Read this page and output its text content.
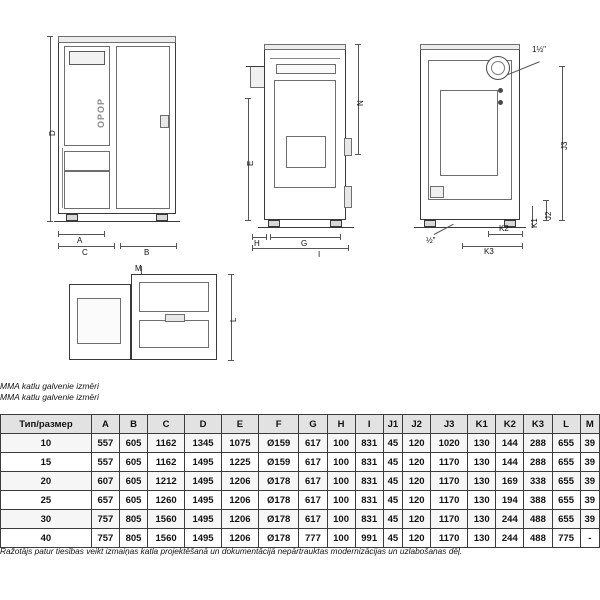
OPOP
D
A
C	B
N
E
H	G
I
1½"
½"
J3
J2
K1
K2
K3
M
L
MMA katlu galvenie izmēri
MMA katlu galvenie izmēri
Тип/размер	A	B	C	D	E	F	G	H	I	J1	J2	J3	K1	K2	K3	L	M
10	557	605	1162	1345	1075	Ø159	617	100	831	45	120	1020	130	144	288	655	39
15	557	605	1162	1495	1225	Ø159	617	100	831	45	120	1170	130	144	288	655	39
20	607	605	1212	1495	1206	Ø178	617	100	831	45	120	1170	130	169	338	655	39
25	657	605	1260	1495	1206	Ø178	617	100	831	45	120	1170	130	194	388	655	39
30	757	805	1560	1495	1206	Ø178	617	100	831	45	120	1170	130	244	488	655	39
40	757	805	1560	1495	1206	Ø178	777	100	991	45	120	1170	130	244	488	775	-
Ražotājs patur tiesības veikt izmaiņas katla projektēšanā un dokumentācijā nepārtrauktas modernizācijas un uzlabošanas dēļ.
